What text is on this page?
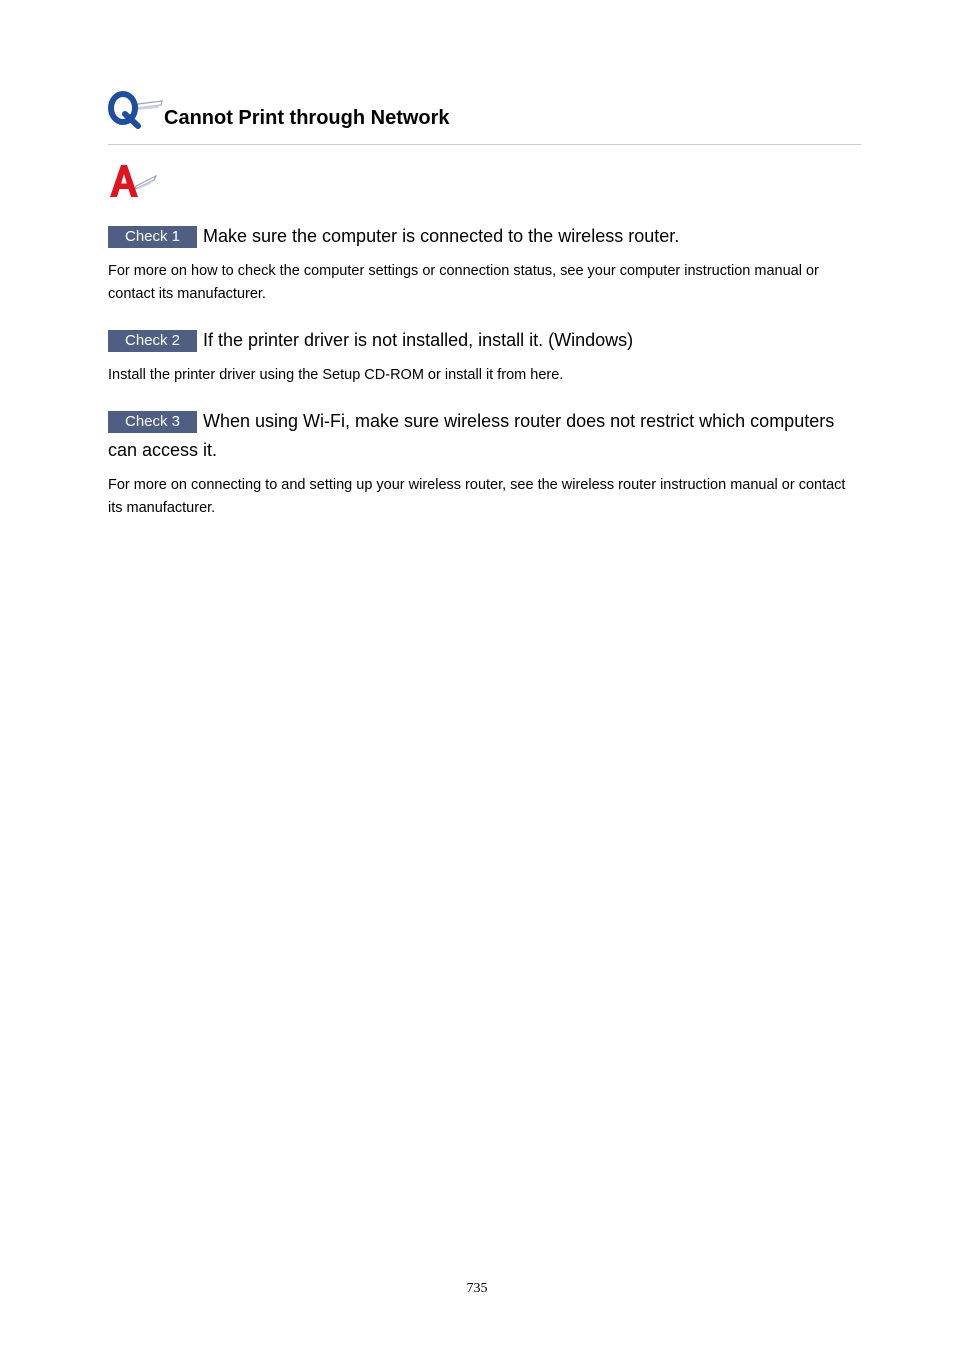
Cannot Print through Network

Check 1 Make sure the computer is connected to the wireless router.

For more on how to check the computer settings or connection status, see your computer instruction manual or contact its manufacturer.

Check 2 If the printer driver is not installed, install it. (Windows)

Install the printer driver using the Setup CD-ROM or install it from here.

Check 3 When using Wi-Fi, make sure wireless router does not restrict which computers can access it.

For more on connecting to and setting up your wireless router, see the wireless router instruction manual or contact its manufacturer.

735
